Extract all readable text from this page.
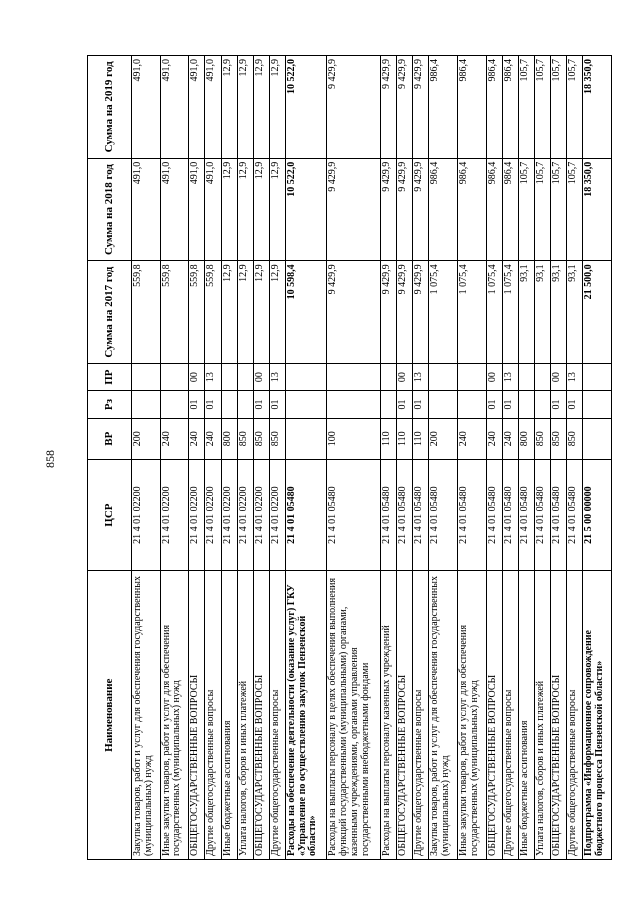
858
Наименование	ЦСР	ВР	Рз	ПР	Сумма на 2017 год	Сумма на 2018 год	Сумма на 2019 год
Закупка товаров, работ и услуг для обеспечения государственных (муниципальных) нужд	21 4 01 02200	200			559,8	491,0	491,0
Иные закупки товаров, работ и услуг для обеспечения государственных (муниципальных) нужд	21 4 01 02200	240			559,8	491,0	491,0
ОБЩЕГОСУДАРСТВЕННЫЕ ВОПРОСЫ	21 4 01 02200	240	01	00	559,8	491,0	491,0
Другие общегосударственные вопросы	21 4 01 02200	240	01	13	559,8	491,0	491,0
Иные бюджетные ассигнования	21 4 01 02200	800			12,9	12,9	12,9
Уплата налогов, сборов и иных платежей	21 4 01 02200	850			12,9	12,9	12,9
ОБЩЕГОСУДАРСТВЕННЫЕ ВОПРОСЫ	21 4 01 02200	850	01	00	12,9	12,9	12,9
Другие общегосударственные вопросы	21 4 01 02200	850	01	13	12,9	12,9	12,9
Расходы на обеспечение деятельности (оказание услуг) ГКУ «Управление по осуществлению закупок Пензенской области»	21 4 01 05480				10 598,4	10 522,0	10 522,0
Расходы на выплаты персоналу в целях обеспечения выполнения функций государственными (муниципальными) органами, казенными учреждениями, органами управления государственными внебюджетными фондами	21 4 01 05480	100			9 429,9	9 429,9	9 429,9
Расходы на выплаты персоналу казенных учреждений	21 4 01 05480	110			9 429,9	9 429,9	9 429,9
ОБЩЕГОСУДАРСТВЕННЫЕ ВОПРОСЫ	21 4 01 05480	110	01	00	9 429,9	9 429,9	9 429,9
Другие общегосударственные вопросы	21 4 01 05480	110	01	13	9 429,9	9 429,9	9 429,9
Закупка товаров, работ и услуг для обеспечения государственных (муниципальных) нужд	21 4 01 05480	200			1 075,4	986,4	986,4
Иные закупки товаров, работ и услуг для обеспечения государственных (муниципальных) нужд	21 4 01 05480	240			1 075,4	986,4	986,4
ОБЩЕГОСУДАРСТВЕННЫЕ ВОПРОСЫ	21 4 01 05480	240	01	00	1 075,4	986,4	986,4
Другие общегосударственные вопросы	21 4 01 05480	240	01	13	1 075,4	986,4	986,4
Иные бюджетные ассигнования	21 4 01 05480	800			93,1	105,7	105,7
Уплата налогов, сборов и иных платежей	21 4 01 05480	850			93,1	105,7	105,7
ОБЩЕГОСУДАРСТВЕННЫЕ ВОПРОСЫ	21 4 01 05480	850	01	00	93,1	105,7	105,7
Другие общегосударственные вопросы	21 4 01 05480	850	01	13	93,1	105,7	105,7
Подпрограмма «Информационное сопровождение бюджетного процесса Пензенской области»	21 5 00 00000				21 500,0	18 350,0	18 350,0
